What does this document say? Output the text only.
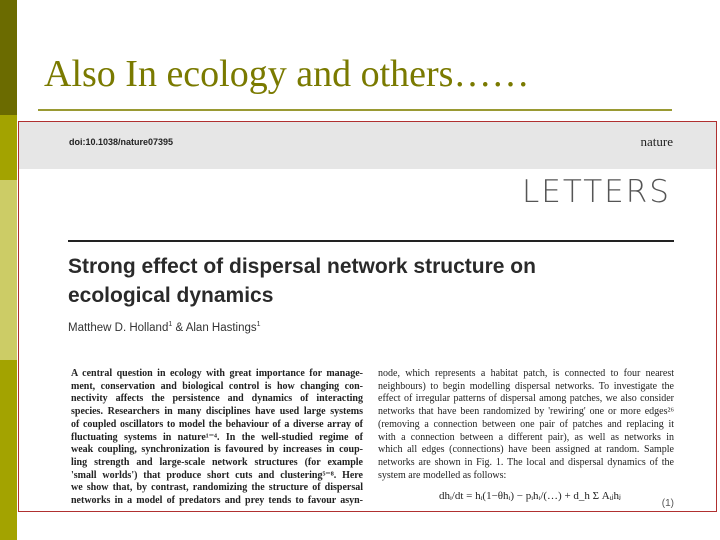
Also In ecology and others……
doi:10.1038/nature07395	nature
LETTERS
Strong effect of dispersal network structure on
ecological dynamics
Matthew D. Holland$^1$ & Alan Hastings$^1$
A central question in ecology with great importance for manage-
ment, conservation and biological control is how changing con-
nectivity affects the persistence and dynamics of interacting
species. Researchers in many disciplines have used large systems
of coupled oscillators to model the behaviour of a diverse array of
fluctuating systems in nature¹⁻⁴. In the well-studied regime of
weak coupling, synchronization is favoured by increases in coup-
ling strength and large-scale network structures (for example
'small worlds') that produce short cuts and clustering⁵⁻⁸. Here
we show that, by contrast, randomizing the structure of dispersal
networks in a model of predators and prey tends to favour asyn-
node, which represents a habitat patch, is connected to four nearest
neighbours) to begin modelling dispersal networks. To investigate the
effect of irregular patterns of dispersal among patches, we also consider
networks that have been randomized by 'rewiring' one or more edges²⁶
(removing a connection between one pair of patches and replacing it
with a connection between a different pair), as well as networks in
which all edges (connections) have been assigned at random. Sample
networks are shown in Fig. 1. The local and dispersal dynamics of the
system are modelled as follows:
dhᵢ/dt = hᵢ(1−θhᵢ) − pᵢhᵢ/(…) + d_h Σ Aᵢⱼhⱼ
(1)
